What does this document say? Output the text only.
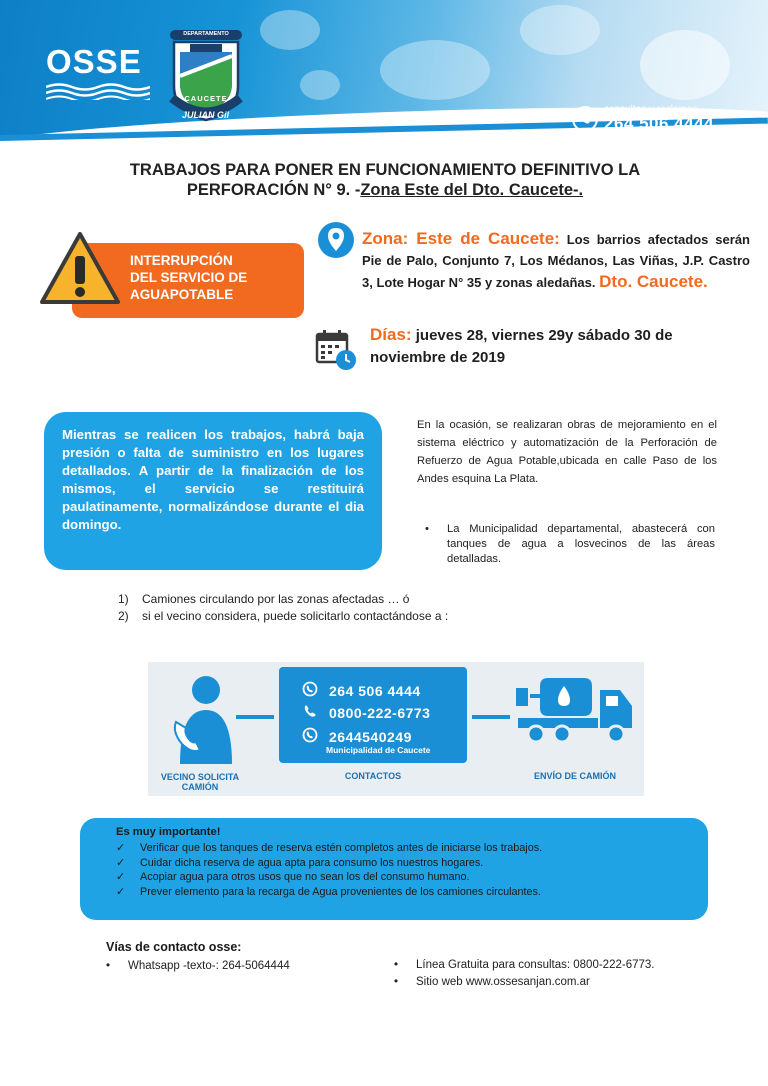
OSSE
DEPARTAMENTO
CAUCETE
JULIAN Gil	consultas y reclamos
264 506 4444
TRABAJOS PARA PONER EN FUNCIONAMIENTO DEFINITIVO LA
PERFORACIÓN N° 9. -Zona Este del Dto. Caucete-.
INTERRUPCIÓN
DEL SERVICIO DE
AGUAPOTABLE
Zona: Este de Caucete: Los barrios afectados serán Pie de Palo, Conjunto 7, Los Médanos, Las Viñas, J.P. Castro 3, Lote Hogar N° 35 y zonas aledañas. Dto. Caucete.
Días: jueves 28, viernes 29y sábado 30 de noviembre de 2019
Mientras se realicen los trabajos, habrá baja presión o falta de suministro en los lugares detallados. A partir de la finalización de los mismos, el servicio se restituirá paulatinamente, normalizándose durante el dia domingo.
En la ocasión, se realizaran obras de mejoramiento en el sistema eléctrico y automatización de la Perforación de Refuerzo de Agua Potable,ubicada en calle Paso de los Andes esquina La Plata.
• La Municipalidad departamental, abastecerá con tanques de agua a losvecinos de las áreas detalladas.
1)	Camiones circulando por las zonas afectadas … ó
2)	si el vecino considera, puede solicitarlo contactándose a :
264 506 4444
0800-222-6773
2644540249
Municipalidad de Caucete
VECINO SOLICITA CAMIÓN
CONTACTOS	ENVÍO DE CAMIÓN
Es muy importante!
✓	Verificar que los tanques de reserva estén completos antes de iniciarse los trabajos.
✓	Cuidar dicha reserva de agua apta para consumo los nuestros hogares.
✓	Acopiar agua para otros usos que no sean los del consumo humano.
✓	Prever elemento para la recarga de Agua provenientes de los camiones circulantes.
Vías de contacto osse:
•	Whatsapp -texto-: 264-5064444	•	Línea Gratuita para consultas: 0800-222-6773.
•	Sitio web www.ossesanjan.com.ar
